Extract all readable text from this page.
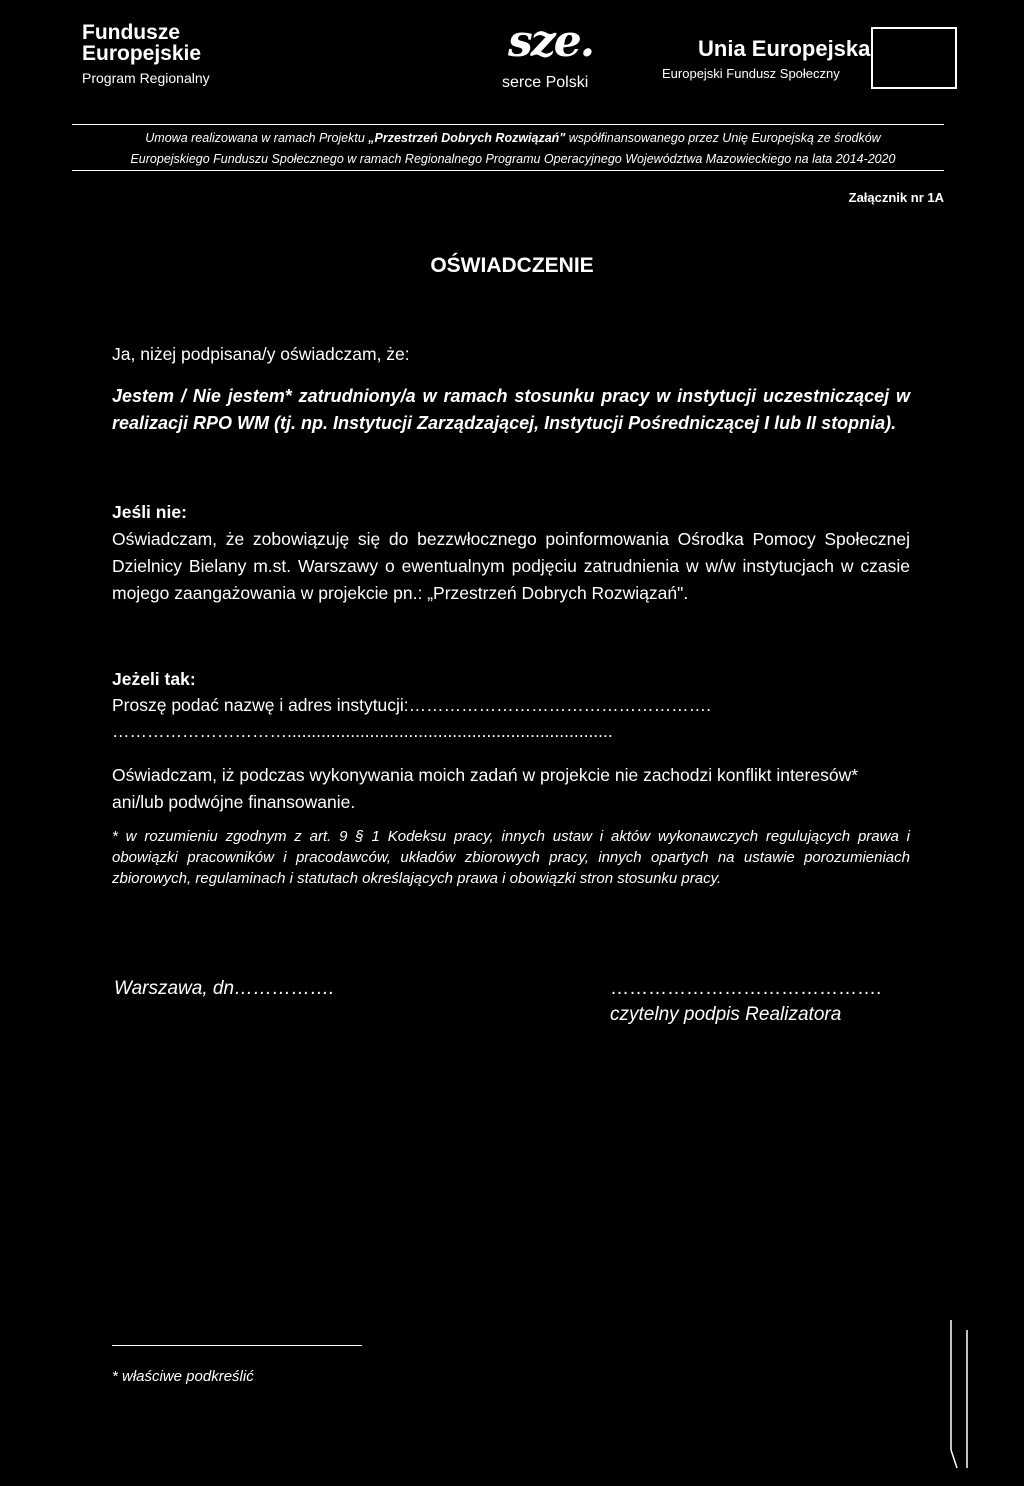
Fundusze
Europejskie
Program Regionalny
sze.
serce Polski
Unia Europejska
Europejski Fundusz Społeczny
Umowa realizowana w ramach Projektu „Przestrzeń Dobrych Rozwiązań" współfinansowanego przez Unię Europejską ze środków
Europejskiego Funduszu Społecznego w ramach Regionalnego Programu Operacyjnego Województwa Mazowieckiego na lata 2014-2020
Załącznik nr 1A
OŚWIADCZENIE
Ja, niżej podpisana/y oświadczam, że:
Jestem / Nie jestem* zatrudniony/a w ramach stosunku pracy w instytucji uczestniczącej w realizacji RPO WM (tj. np. Instytucji Zarządzającej, Instytucji Pośredniczącej I lub II stopnia).
Jeśli nie:
Oświadczam, że zobowiązuję się do bezzwłocznego poinformowania Ośrodka Pomocy Społecznej Dzielnicy Bielany m.st. Warszawy o ewentualnym podjęciu zatrudnienia w w/w instytucjach w czasie mojego zaangażowania w projekcie pn.: „Przestrzeń Dobrych Rozwiązań".
Jeżeli tak:
Proszę podać nazwę i adres instytucji:…………………………………………….
…………………………...................................................................
Oświadczam, iż podczas wykonywania moich zadań w projekcie nie zachodzi konflikt interesów* ani/lub podwójne finansowanie.
* w rozumieniu zgodnym z art. 9 § 1 Kodeksu pracy, innych ustaw i aktów wykonawczych regulujących prawa i obowiązki pracowników i pracodawców, układów zbiorowych pracy, innych opartych na ustawie porozumieniach zbiorowych, regulaminach i statutach określających prawa i obowiązki stron stosunku pracy.
Warszawa, dn…………….	…………………………………….
czytelny podpis Realizatora
* właściwe podkreślić
